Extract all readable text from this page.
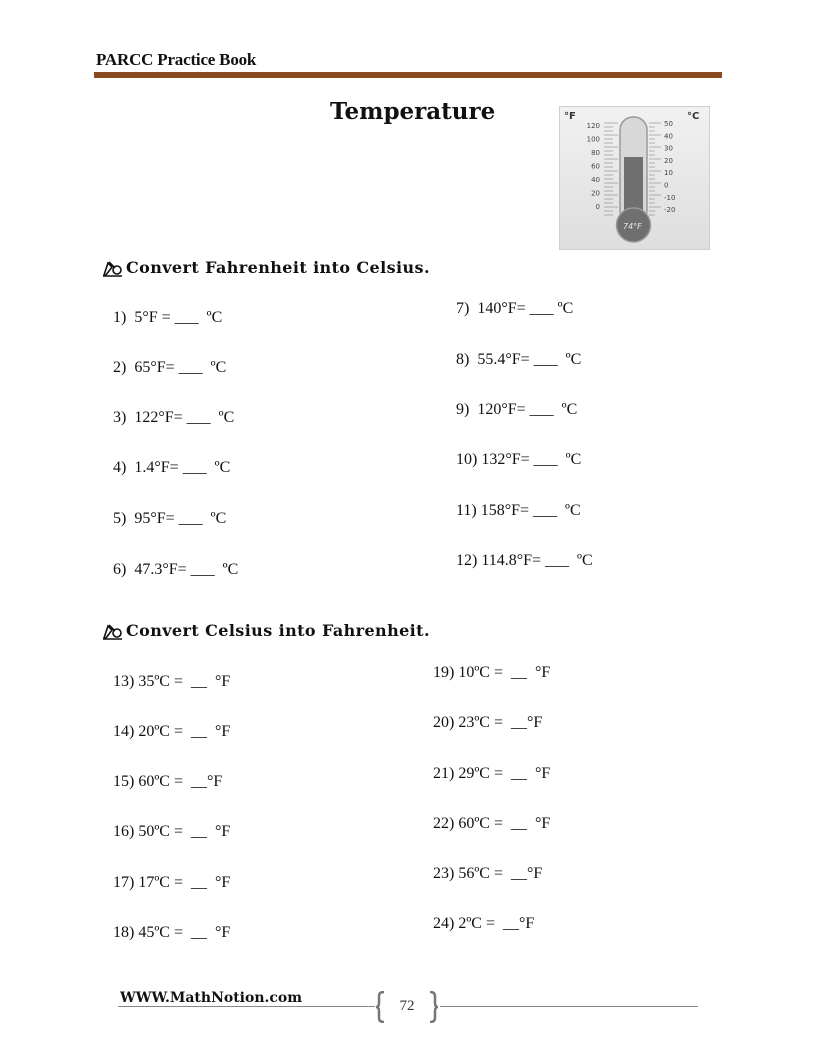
PARCC Practice Book
Temperature	°F	°C
74°F
120
100
80
60
40
20
0
50
40
30
20
10
0
-10
-20
Convert Fahrenheit into Celsius.
1)  5°F = ___  ºC
2)  65°F= ___  ºC
3)  122°F= ___  ºC
4)  1.4°F= ___  ºC
5)  95°F= ___  ºC
6)  47.3°F= ___  ºC
7)  140°F= ___ ºC
8)  55.4°F= ___  ºC
9)  120°F= ___  ºC
10) 132°F= ___  ºC
11) 158°F= ___  ºC
12) 114.8°F= ___  ºC
Convert Celsius into Fahrenheit.
13) 35ºC =  __  °F
14) 20ºC =  __  °F
15) 60ºC =  __°F
16) 50ºC =  __  °F
17) 17ºC =  __  °F
18) 45ºC =  __  °F
19) 10ºC =  __  °F
20) 23ºC =  __°F
21) 29ºC =  __  °F
22) 60ºC =  __  °F
23) 56ºC =  __°F
24) 2ºC =  __°F
WWW.MathNotion.com	72
